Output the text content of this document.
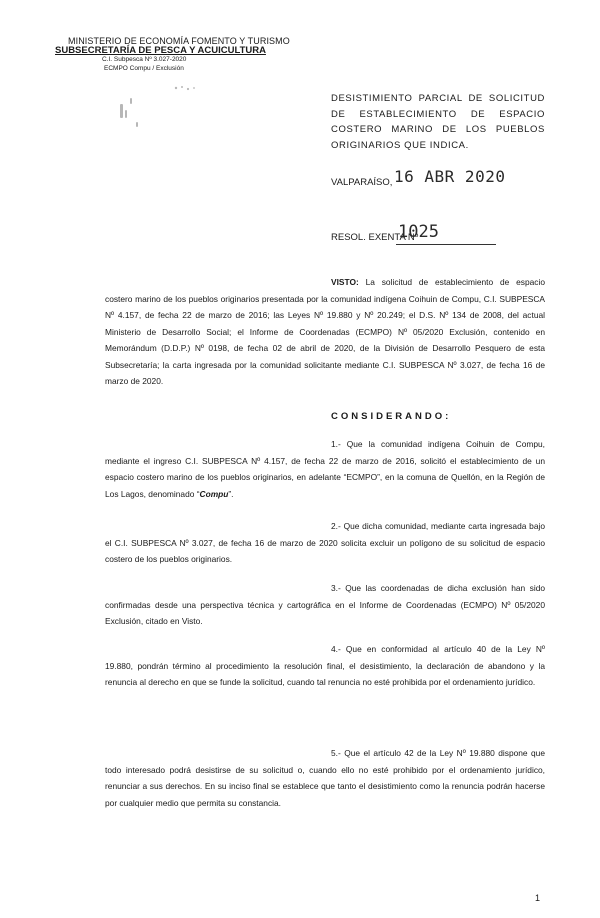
MINISTERIO DE ECONOMÍA FOMENTO Y TURISMO
SUBSECRETARÍA DE PESCA Y ACUICULTURA
C.I. Subpesca Nº 3.027-2020
ECMPO Compu / Exclusión
DESISTIMIENTO PARCIAL DE SOLICITUD DE ESTABLECIMIENTO DE ESPACIO COSTERO MARINO DE LOS PUEBLOS ORIGINARIOS QUE INDICA.
VALPARAÍSO, 16 ABR 2020
RESOL. EXENTA Nº
1025
VISTO: La solicitud de establecimiento de espacio costero marino de los pueblos originarios presentada por la comunidad indígena Coihuin de Compu, C.I. SUBPESCA Nº 4.157, de fecha 22 de marzo de 2016; las Leyes Nº 19.880 y Nº 20.249; el D.S. Nº 134 de 2008, del actual Ministerio de Desarrollo Social; el Informe de Coordenadas (ECMPO) Nº 05/2020 Exclusión, contenido en Memorándum (D.D.P.) Nº 0198, de fecha 02 de abril de 2020, de la División de Desarrollo Pesquero de esta Subsecretaría; la carta ingresada por la comunidad solicitante mediante C.I. SUBPESCA Nº 3.027, de fecha 16 de marzo de 2020.
CONSIDERANDO:
1.- Que la comunidad indígena Coihuin de Compu, mediante el ingreso C.I. SUBPESCA Nº 4.157, de fecha 22 de marzo de 2016, solicitó el establecimiento de un espacio costero marino de los pueblos originarios, en adelante “ECMPO”, en la comuna de Quellón, en la Región de Los Lagos, denominado “Compu”.
2.- Que dicha comunidad, mediante carta ingresada bajo el C.I. SUBPESCA Nº 3.027, de fecha 16 de marzo de 2020 solicita excluir un polígono de su solicitud de espacio costero de los pueblos originarios.
3.- Que las coordenadas de dicha exclusión han sido confirmadas desde una perspectiva técnica y cartográfica en el Informe de Coordenadas (ECMPO) Nº 05/2020 Exclusión, citado en Visto.
4.- Que en conformidad al artículo 40 de la Ley Nº 19.880, pondrán término al procedimiento la resolución final, el desistimiento, la declaración de abandono y la renuncia al derecho en que se funde la solicitud, cuando tal renuncia no esté prohibida por el ordenamiento jurídico.
5.- Que el artículo 42 de la Ley Nº 19.880 dispone que todo interesado podrá desistirse de su solicitud o, cuando ello no esté prohibido por el ordenamiento jurídico, renunciar a sus derechos. En su inciso final se establece que tanto el desistimiento como la renuncia podrán hacerse por cualquier medio que permita su constancia.
1
